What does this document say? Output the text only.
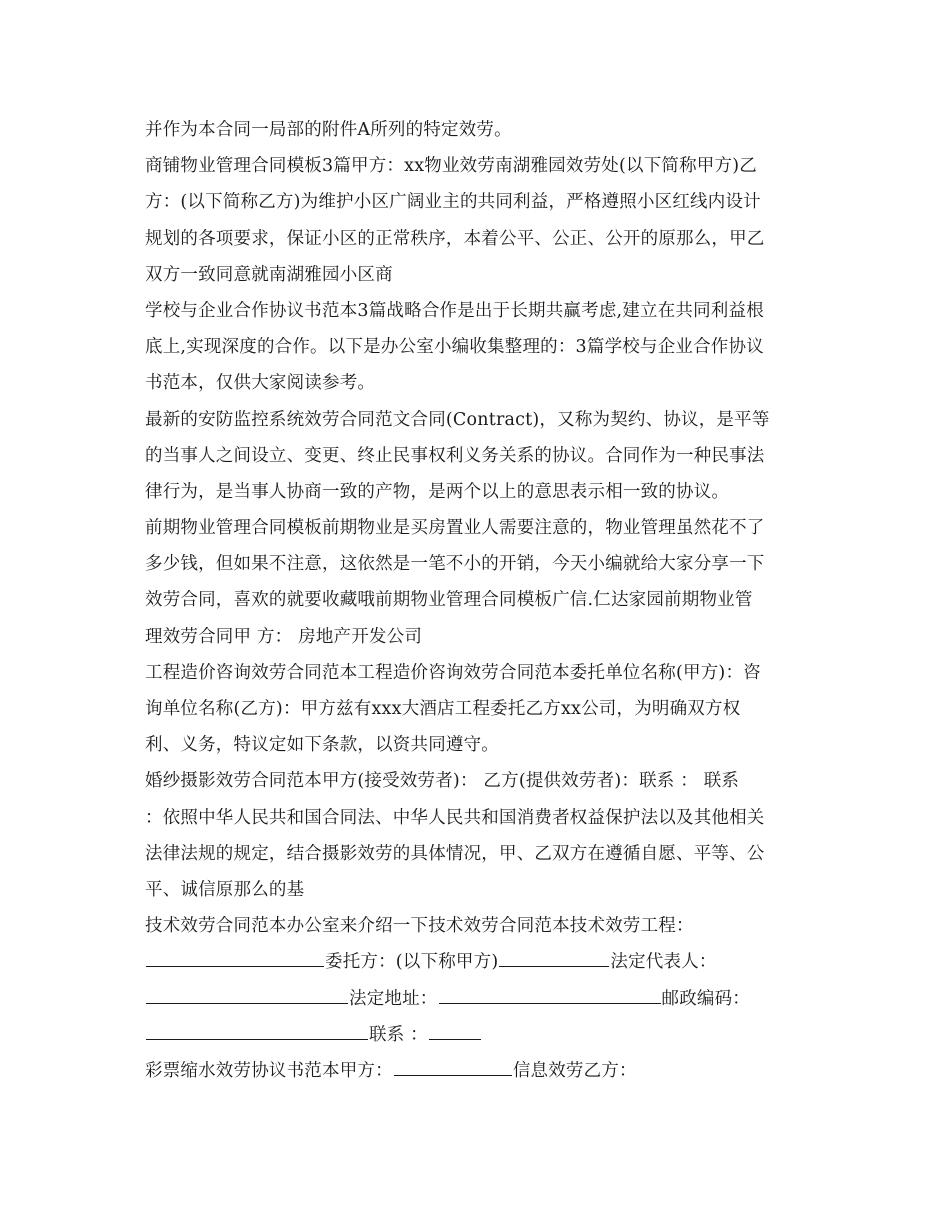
并作为本合同一局部的附件A所列的特定效劳。
商铺物业管理合同模板3篇甲方：xx物业效劳南湖雅园效劳处(以下简称甲方)乙
方：(以下简称乙方)为维护小区广阔业主的共同利益，严格遵照小区红线内设计
规划的各项要求，保证小区的正常秩序，本着公平、公正、公开的原那么，甲乙
双方一致同意就南湖雅园小区商
学校与企业合作协议书范本3篇战略合作是出于长期共赢考虑,建立在共同利益根
底上,实现深度的合作。以下是办公室小编收集整理的：3篇学校与企业合作协议
书范本，仅供大家阅读参考。
最新的安防监控系统效劳合同范文合同(Contract)，又称为契约、协议，是平等
的当事人之间设立、变更、终止民事权利义务关系的协议。合同作为一种民事法
律行为，是当事人协商一致的产物，是两个以上的意思表示相一致的协议。
前期物业管理合同模板前期物业是买房置业人需要注意的，物业管理虽然花不了
多少钱，但如果不注意，这依然是一笔不小的开销，今天小编就给大家分享一下
效劳合同，喜欢的就要收藏哦前期物业管理合同模板广信.仁达家园前期物业管
理效劳合同甲 方： 房地产开发公司
工程造价咨询效劳合同范本工程造价咨询效劳合同范本委托单位名称(甲方)：咨
询单位名称(乙方)：甲方兹有xxx大酒店工程委托乙方xx公司，为明确双方权
利、义务，特议定如下条款，以资共同遵守。
婚纱摄影效劳合同范本甲方(接受效劳者)： 乙方(提供效劳者)：联系 ： 联系
：依照中华人民共和国合同法、中华人民共和国消费者权益保护法以及其他相关
法律法规的规定，结合摄影效劳的具体情况，甲、乙双方在遵循自愿、平等、公
平、诚信原那么的基
技术效劳合同范本办公室来介绍一下技术效劳合同范本技术效劳工程：
委托方：(以下称甲方)	法定代表人：
法定地址：	邮政编码：
联系 ：
彩票缩水效劳协议书范本甲方：	信息效劳乙方：
